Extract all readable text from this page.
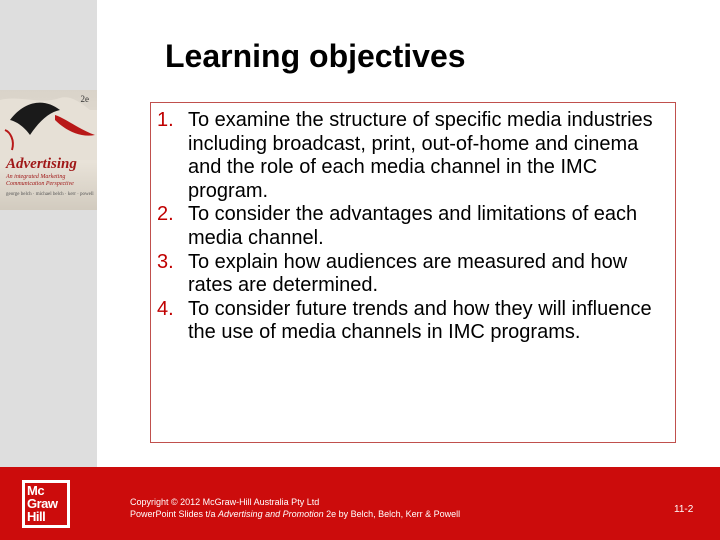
2e
Advertising
An integrated Marketing Communication Perspective
george belch · michael belch · kerr · powell
Learning objectives
1. To examine the structure of specific media industries including broadcast, print, out-of-home and cinema and the role of each media channel in the IMC program.
2. To consider the advantages and limitations of each media channel.
3. To explain how audiences are measured and how rates are determined.
4. To consider future trends and how they will influence the use of media channels in IMC programs.
Mc
Graw
Hill
Copyright © 2012 McGraw-Hill Australia Pty Ltd
PowerPoint Slides t/a Advertising and Promotion 2e by Belch, Belch, Kerr & Powell	11-2
